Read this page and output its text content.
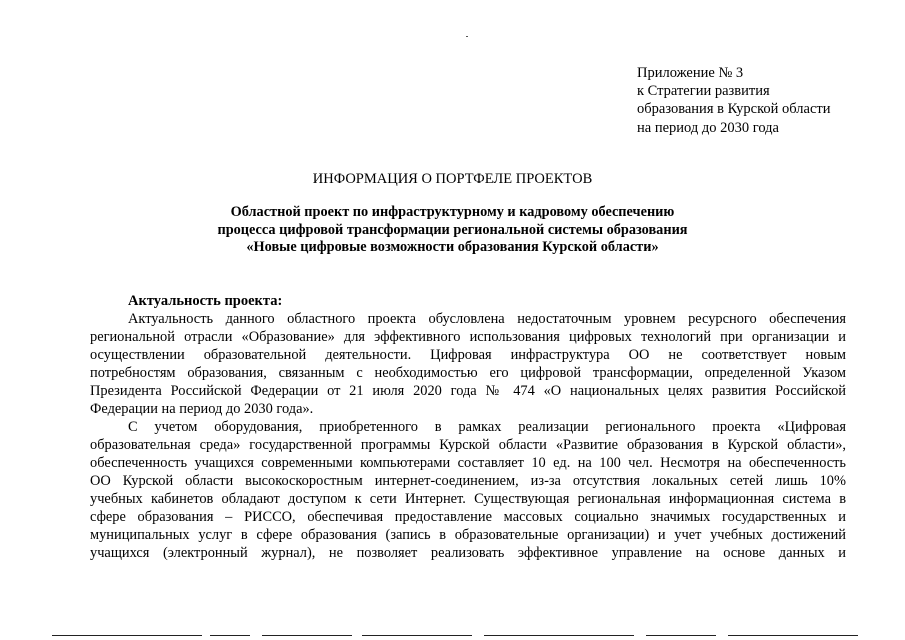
Приложение № 3
к Стратегии развития
образования в Курской области
на период до 2030 года
ИНФОРМАЦИЯ О ПОРТФЕЛЕ ПРОЕКТОВ
Областной проект по инфраструктурному и кадровому обеспечению
процесса цифровой трансформации региональной системы образования
«Новые цифровые возможности образования Курской области»
Актуальность проекта:
Актуальность данного областного проекта обусловлена недостаточным уровнем ресурсного обеспечения
региональной отрасли «Образование» для эффективного использования цифровых технологий при организации и
осуществлении образовательной деятельности. Цифровая инфраструктура ОО не соответствует новым
потребностям образования, связанным с необходимостью его цифровой трансформации, определенной Указом
Президента Российской Федерации от 21 июля 2020 года № 474 «О национальных целях развития Российской
Федерации на период до 2030 года».
С учетом оборудования, приобретенного в рамках реализации регионального проекта «Цифровая
образовательная среда» государственной программы Курской области «Развитие образования в Курской области»,
обеспеченность учащихся современными компьютерами составляет 10 ед. на 100 чел. Несмотря на обеспеченность
ОО Курской области высокоскоростным интернет-соединением, из-за отсутствия локальных сетей лишь 10%
учебных кабинетов обладают доступом к сети Интернет. Существующая региональная информационная система в
сфере образования – РИССО, обеспечивая предоставление массовых социально значимых государственных и
муниципальных услуг в сфере образования (запись в образовательные организации) и учет учебных достижений
учащихся (электронный журнал), не позволяет реализовать эффективное управление на основе данных и
